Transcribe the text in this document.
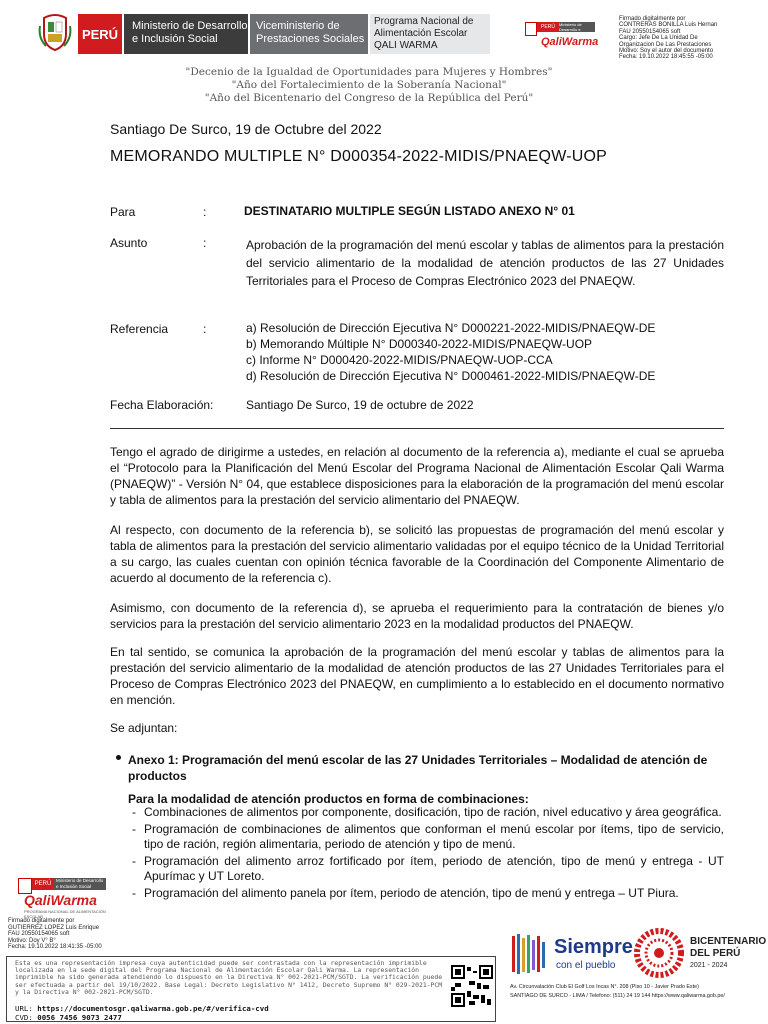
PERÚ
Ministerio de Desarrollo e Inclusión Social
Viceministerio de Prestaciones Sociales
Programa Nacional de Alimentación Escolar QALI WARMA
PERÚ	Ministerio de Desarrollo e Inclusión Social
QaliWarma
Firmado digitalmente por
CONTRERAS BONILLA Luis Hernan
FAU 20550154065 soft
Cargo: Jefe De La Unidad De
Organizacion De Las Prestaciones
Motivo: Soy el autor del documento
Fecha: 19.10.2022 18:45:55 -05:00
"Decenio de la Igualdad de Oportunidades para Mujeres y Hombres"
"Año del Fortalecimiento de la Soberanía Nacional"
"Año del Bicentenario del Congreso de la República del Perú"
Santiago De Surco, 19 de Octubre del 2022
MEMORANDO MULTIPLE N° D000354-2022-MIDIS/PNAEQW-UOP
Para	:	DESTINATARIO MULTIPLE SEGÚN LISTADO ANEXO N° 01
Asunto	:	Aprobación de la programación del menú escolar y tablas de alimentos para la prestación del servicio alimentario de la modalidad de atención productos de las 27 Unidades Territoriales para el Proceso de Compras Electrónico 2023 del PNAEQW.
Referencia	:	a) Resolución de Dirección Ejecutiva N° D000221-2022-MIDIS/PNAEQW-DE
b) Memorando Múltiple N° D000340-2022-MIDIS/PNAEQW-UOP
c) Informe N° D000420-2022-MIDIS/PNAEQW-UOP-CCA
d) Resolución de Dirección Ejecutiva N° D000461-2022-MIDIS/PNAEQW-DE
Fecha Elaboración:	Santiago De Surco, 19 de octubre de 2022
Tengo el agrado de dirigirme a ustedes, en relación al documento de la referencia a), mediante el cual se aprueba el “Protocolo para la Planificación del Menú Escolar del Programa Nacional de Alimentación Escolar Qali Warma (PNAEQW)” - Versión N° 04, que establece disposiciones para la elaboración de la programación del menú escolar y tabla de alimentos para la prestación del servicio alimentario del PNAEQW.
Al respecto, con documento de la referencia b), se solicitó las propuestas de programación del menú escolar y tabla de alimentos para la prestación del servicio alimentario validadas por el equipo técnico de la Unidad Territorial a su cargo, las cuales cuentan con opinión técnica favorable de la Coordinación del Componente Alimentario de acuerdo al documento de la referencia c).
Asimismo, con documento de la referencia d), se aprueba el requerimiento para la contratación de bienes y/o servicios para la prestación del servicio alimentario 2023 en la modalidad productos del PNAEQW.
En tal sentido, se comunica la aprobación de la programación del menú escolar y tablas de alimentos para la prestación del servicio alimentario de la modalidad de atención productos de las 27 Unidades Territoriales para el Proceso de Compras Electrónico 2023 del PNAEQW, en cumplimiento a lo establecido en el documento normativo en mención.
Se adjuntan:
Anexo 1: Programación del menú escolar de las 27 Unidades Territoriales – Modalidad de atención de productos
Para la modalidad de atención productos en forma de combinaciones:
- Combinaciones de alimentos por componente, dosificación, tipo de ración, nivel educativo y área geográfica.
- Programación de combinaciones de alimentos que conforman el menú escolar por ítems, tipo de servicio, tipo de ración, región alimentaria, periodo de atención y tipo de menú.
- Programación del alimento arroz fortificado por ítem, periodo de atención, tipo de menú y entrega - UT Apurímac y UT Loreto.
- Programación del alimento panela por ítem, periodo de atención, tipo de menú y entrega – UT Piura.
PERÚ
Ministerio de Desarrollo e Inclusión Social
QaliWarma
PROGRAMA NACIONAL DE ALIMENTACIÓN ESCOLAR
Firmado digitalmente por
GUTIERREZ LOPEZ Luis Enrique
FAU 20550154065 soft
Motivo: Doy V° B°
Fecha: 19.10.2022 18:41:35 -05:00
Esta es una representación impresa cuya autenticidad puede ser contrastada con la representación imprimible localizada en la sede digital del Programa Nacional de Alimentación Escolar Qali Warma. La representación imprimible ha sido generada atendiendo lo dispuesto en la Directiva N° 002-2021-PCM/SGTD. La verificación puede ser efectuada a partir del 19/10/2022. Base Legal: Decreto Legislativo N° 1412, Decreto Supremo N° 029-2021-PCM y la Directiva N° 002-2021-PCM/SGTD.
URL: https://documentosgr.qaliwarma.gob.pe/#/verifica-cvd
CVD: 0056 7456 9073 2477
Siempre
con el pueblo
BICENTENARIO
DEL PERÚ
2021 - 2024
Av. Circunvalación Club El Golf Los Incas N°. 208 (Piso 10 - Javier Prado Este)
SANTIAGO DE SURCO - LIMA / Telefono: (511) 24 19 144 https://www.qaliwarma.gob.pe/
